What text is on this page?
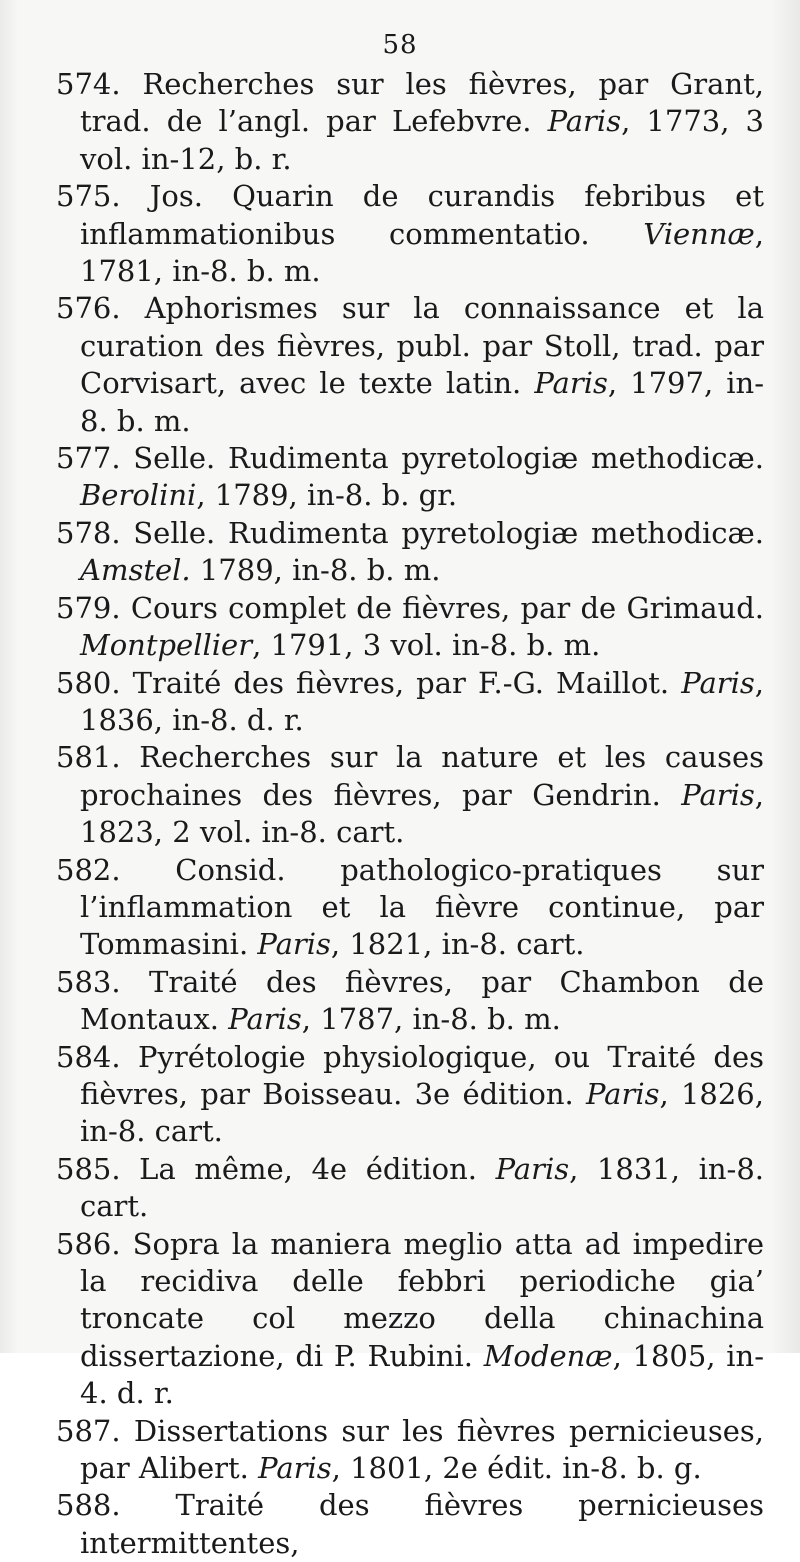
58

574. Recherches sur les fièvres, par Grant, trad. de l’angl. par Lefebvre. Paris, 1773, 3 vol. in-12, b. r.

575. Jos. Quarin de curandis febribus et inflammationibus commentatio. Viennæ, 1781, in-8. b. m.

576. Aphorismes sur la connaissance et la curation des fièvres, publ. par Stoll, trad. par Corvisart, avec le texte latin. Paris, 1797, in-8. b. m.

577. Selle. Rudimenta pyretologiæ methodicæ. Berolini, 1789, in-8. b. gr.

578. Selle. Rudimenta pyretologiæ methodicæ. Amstel. 1789, in-8. b. m.

579. Cours complet de fièvres, par de Grimaud. Montpellier, 1791, 3 vol. in-8. b. m.

580. Traité des fièvres, par F.-G. Maillot. Paris, 1836, in-8. d. r.

581. Recherches sur la nature et les causes prochaines des fièvres, par Gendrin. Paris, 1823, 2 vol. in-8. cart.

582. Consid. pathologico-pratiques sur l’inflammation et la fièvre continue, par Tommasini. Paris, 1821, in-8. cart.

583. Traité des fièvres, par Chambon de Montaux. Paris, 1787, in-8. b. m.

584. Pyrétologie physiologique, ou Traité des fièvres, par Boisseau. 3e édition. Paris, 1826, in-8. cart.

585. La même, 4e édition. Paris, 1831, in-8. cart.

586. Sopra la maniera meglio atta ad impedire la recidiva delle febbri periodiche gia’ troncate col mezzo della chinachina dissertazione, di P. Rubini. Modenæ, 1805, in-4. d. r.

587. Dissertations sur les fièvres pernicieuses, par Alibert. Paris, 1801, 2e édit. in-8. b. g.

588. Traité des fièvres pernicieuses intermittentes,
